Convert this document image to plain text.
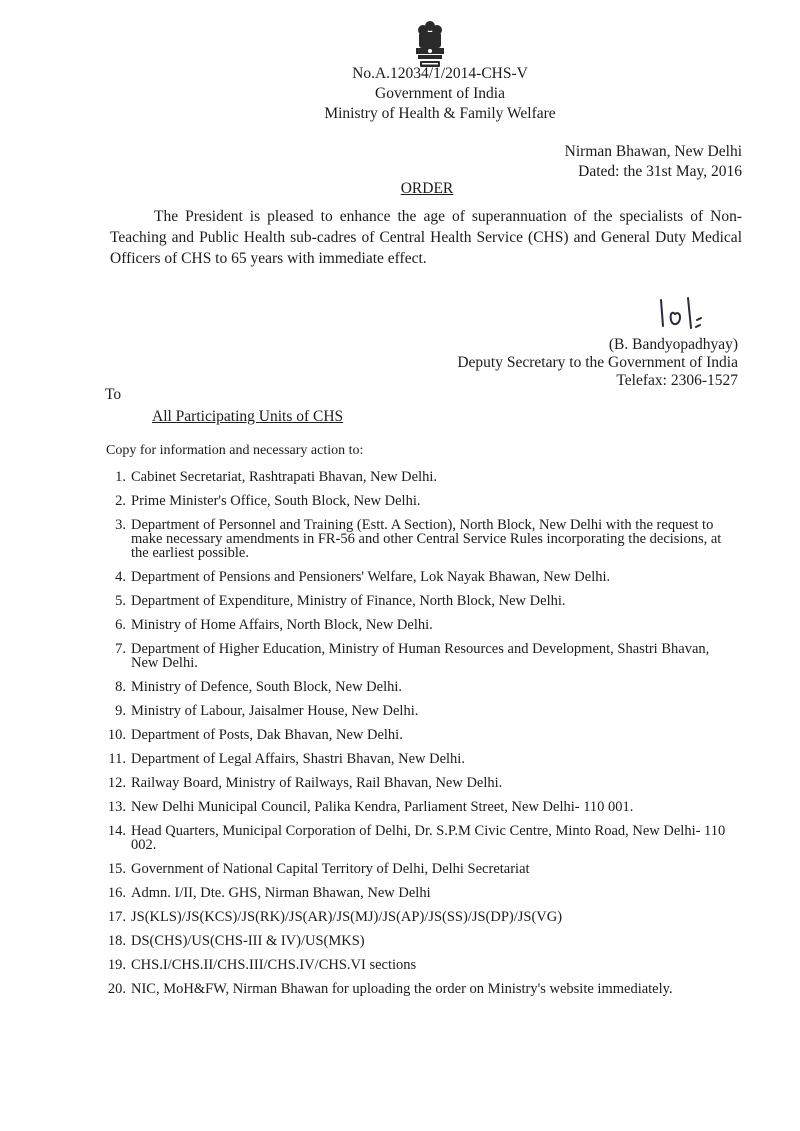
No.A.12034/1/2014-CHS-V
Government of India
Ministry of Health & Family Welfare
Nirman Bhawan, New Delhi
Dated: the 31st May, 2016
ORDER
The President is pleased to enhance the age of superannuation of the specialists of Non-Teaching and Public Health sub-cadres of Central Health Service (CHS) and General Duty Medical Officers of CHS to 65 years with immediate effect.
(B. Bandyopadhyay)
Deputy Secretary to the Government of India
Telefax: 2306-1527
To
All Participating Units of CHS
Copy for information and necessary action to:
1. Cabinet Secretariat, Rashtrapati Bhavan, New Delhi.
2. Prime Minister's Office, South Block, New Delhi.
3. Department of Personnel and Training (Estt. A Section), North Block, New Delhi with the request to make necessary amendments in FR-56 and other Central Service Rules incorporating the decisions, at the earliest possible.
4. Department of Pensions and Pensioners' Welfare, Lok Nayak Bhawan, New Delhi.
5. Department of Expenditure, Ministry of Finance, North Block, New Delhi.
6. Ministry of Home Affairs, North Block, New Delhi.
7. Department of Higher Education, Ministry of Human Resources and Development, Shastri Bhavan, New Delhi.
8. Ministry of Defence, South Block, New Delhi.
9. Ministry of Labour, Jaisalmer House, New Delhi.
10. Department of Posts, Dak Bhavan, New Delhi.
11. Department of Legal Affairs, Shastri Bhavan, New Delhi.
12. Railway Board, Ministry of Railways, Rail Bhavan, New Delhi.
13. New Delhi Municipal Council, Palika Kendra, Parliament Street, New Delhi- 110 001.
14. Head Quarters, Municipal Corporation of Delhi, Dr. S.P.M Civic Centre, Minto Road, New Delhi- 110 002.
15. Government of National Capital Territory of Delhi, Delhi Secretariat
16. Admn. I/II, Dte. GHS, Nirman Bhawan, New Delhi
17. JS(KLS)/JS(KCS)/JS(RK)/JS(AR)/JS(MJ)/JS(AP)/JS(SS)/JS(DP)/JS(VG)
18. DS(CHS)/US(CHS-III & IV)/US(MKS)
19. CHS.I/CHS.II/CHS.III/CHS.IV/CHS.VI sections
20. NIC, MoH&FW, Nirman Bhawan for uploading the order on Ministry's website immediately.
